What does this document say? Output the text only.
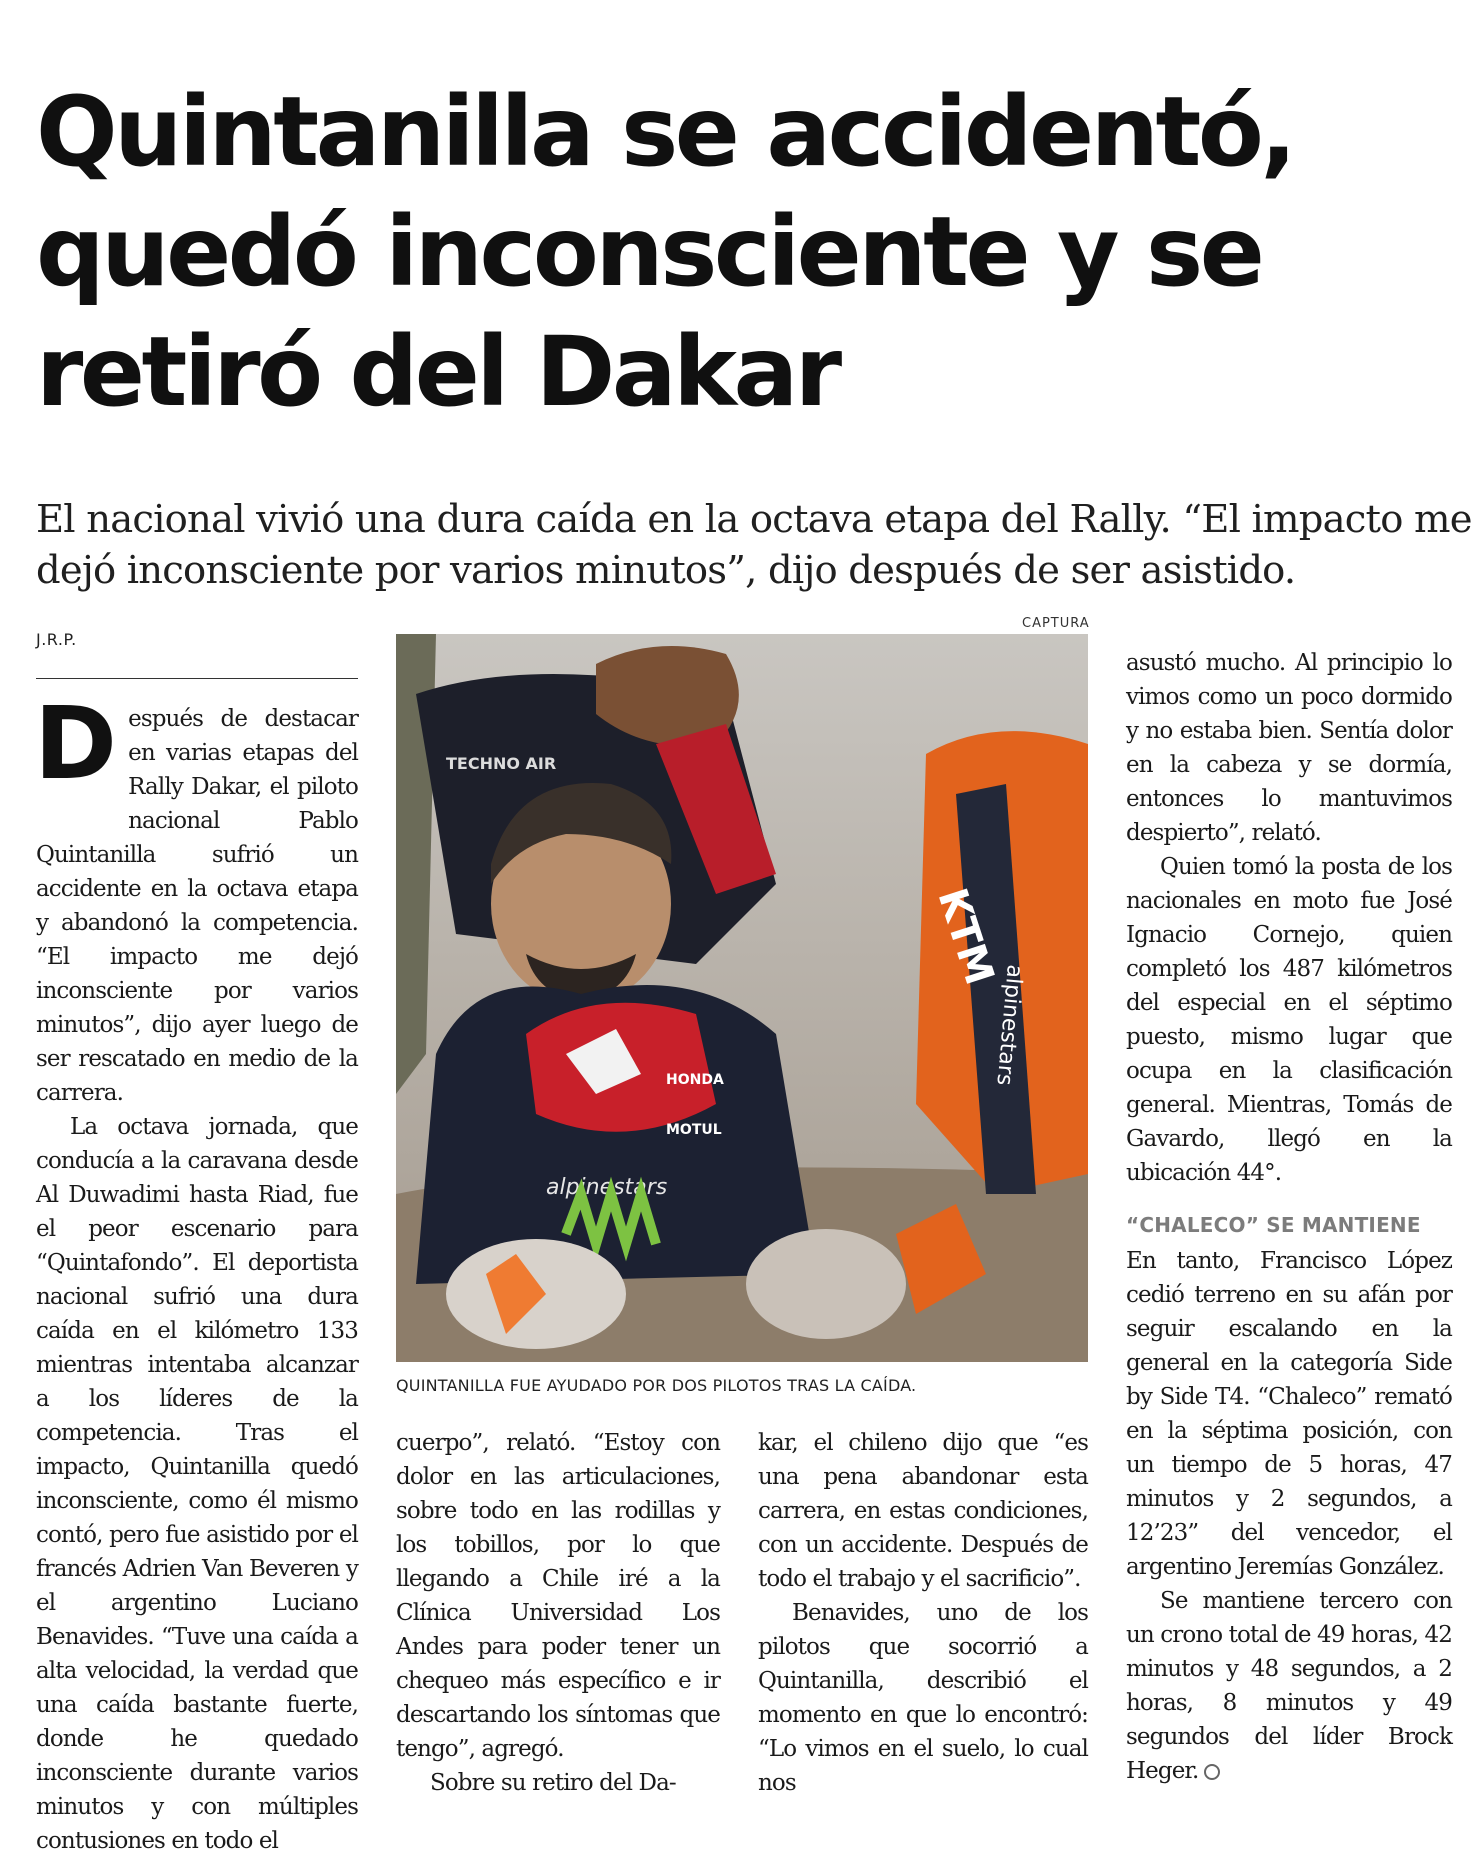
Quintanilla se accidentó,
quedó inconsciente y se
retiró del Dakar
El nacional vivió una dura caída en la octava etapa del Rally. “El impacto me
dejó inconsciente por varios minutos”, dijo después de ser asistido.
J.R.P.
CAPTURA
TECHNO AIR
KTM
alpinestars
HONDA
MOTUL
alpinestars
QUINTANILLA FUE AYUDADO POR DOS PILOTOS TRAS LA CAÍDA.

Después de destacar en varias etapas del Rally Dakar, el piloto nacional Pablo Quintanilla sufrió un accidente en la octava etapa y abandonó la competencia. “El impacto me dejó inconsciente por varios minutos”, dijo ayer luego de ser rescatado en medio de la carrera.

La octava jornada, que conducía a la caravana desde Al Duwadimi hasta Riad, fue el peor escenario para “Quintafondo”. El deportista nacional sufrió una dura caída en el kilómetro 133 mientras intentaba alcanzar a los líderes de la competencia. Tras el impacto, Quintanilla quedó inconsciente, como él mismo contó, pero fue asistido por el francés Adrien Van Beveren y el argentino Luciano Benavides. “Tuve una caída a alta velocidad, la verdad que una caída bastante fuerte, donde he quedado inconsciente durante varios minutos y con múltiples contusiones en todo el

cuerpo”, relató. “Estoy con dolor en las articulaciones, sobre todo en las rodillas y los tobillos, por lo que llegando a Chile iré a la Clínica Universidad Los Andes para poder tener un chequeo más específico e ir descartando los síntomas que tengo”, agregó.

Sobre su retiro del Da-

kar, el chileno dijo que “es una pena abandonar esta carrera, en estas condiciones, con un accidente. Después de todo el trabajo y el sacrificio”.

Benavides, uno de los pilotos que socorrió a Quintanilla, describió el momento en que lo encontró: “Lo vimos en el suelo, lo cual nos

asustó mucho. Al principio lo vimos como un poco dormido y no estaba bien. Sentía dolor en la cabeza y se dormía, entonces lo mantuvimos despierto”, relató.

Quien tomó la posta de los nacionales en moto fue José Ignacio Cornejo, quien completó los 487 kilómetros del especial en el séptimo puesto, mismo lugar que ocupa en la clasificación general. Mientras, Tomás de Gavardo, llegó en la ubicación 44°.

“CHALECO” SE MANTIENE

En tanto, Francisco López cedió terreno en su afán por seguir escalando en la general en la categoría Side by Side T4. “Chaleco” remató en la séptima posición, con un tiempo de 5 horas, 47 minutos y 2 segundos, a 12’23” del vencedor, el argentino Jeremías González.

Se mantiene tercero con un crono total de 49 horas, 42 minutos y 48 segundos, a 2 horas, 8 minutos y 49 segundos del líder Brock Heger.
